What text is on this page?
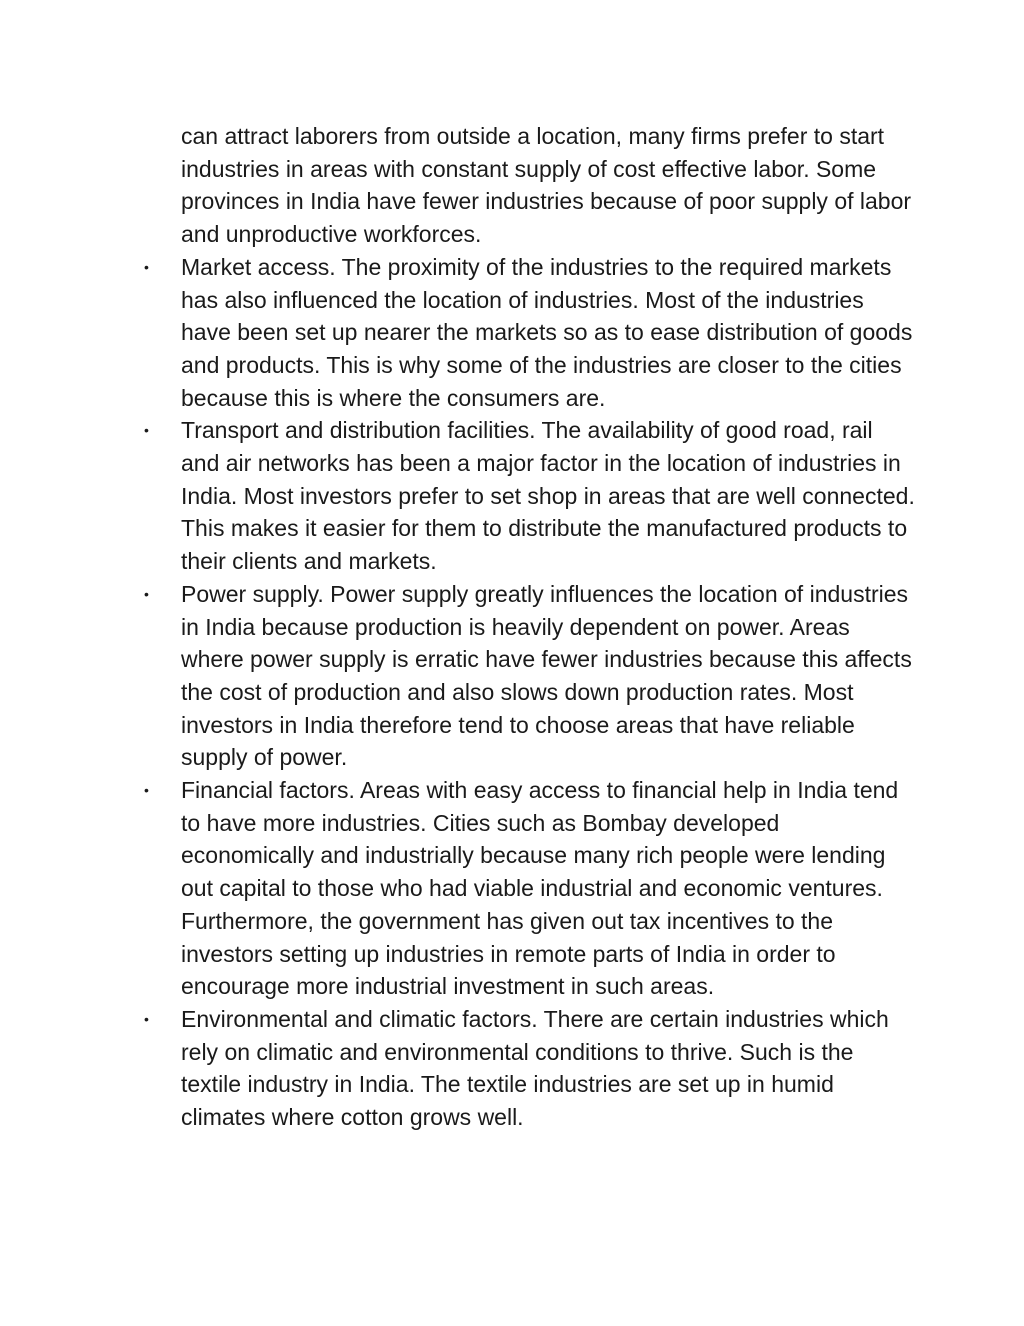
can attract laborers from outside a location, many firms prefer to start industries in areas with constant supply of cost effective labor. Some provinces in India have fewer industries because of poor supply of labor and unproductive workforces.

• Market access. The proximity of the industries to the required markets has also influenced the location of industries. Most of the industries have been set up nearer the markets so as to ease distribution of goods and products. This is why some of the industries are closer to the cities because this is where the consumers are.
• Transport and distribution facilities. The availability of good road, rail and air networks has been a major factor in the location of industries in India. Most investors prefer to set shop in areas that are well connected. This makes it easier for them to distribute the manufactured products to their clients and markets.
• Power supply. Power supply greatly influences the location of industries in India because production is heavily dependent on power. Areas where power supply is erratic have fewer industries because this affects the cost of production and also slows down production rates. Most investors in India therefore tend to choose areas that have reliable supply of power.
• Financial factors. Areas with easy access to financial help in India tend to have more industries. Cities such as Bombay developed economically and industrially because many rich people were lending out capital to those who had viable industrial and economic ventures. Furthermore, the government has given out tax incentives to the investors setting up industries in remote parts of India in order to encourage more industrial investment in such areas.
• Environmental and climatic factors. There are certain industries which rely on climatic and environmental conditions to thrive. Such is the textile industry in India. The textile industries are set up in humid climates where cotton grows well.
